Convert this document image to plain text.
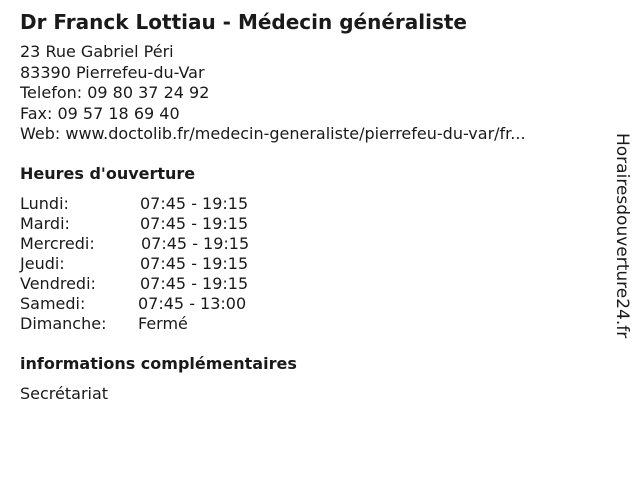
Dr Franck Lottiau - Médecin généraliste
23 Rue Gabriel Péri
83390 Pierrefeu-du-Var
Telefon: 09 80 37 24 92
Fax: 09 57 18 69 40
Web: www.doctolib.fr/medecin-generaliste/pierrefeu-du-var/fr...
Heures d'ouverture
Lundi:	07:45 - 19:15
Mardi:	07:45 - 19:15
Mercredi:	07:45 - 19:15
Jeudi:	07:45 - 19:15
Vendredi:	07:45 - 19:15
Samedi:	07:45 - 13:00
Dimanche: Fermé
informations complémentaires
Secrétariat
Horairesdouverture24.fr
